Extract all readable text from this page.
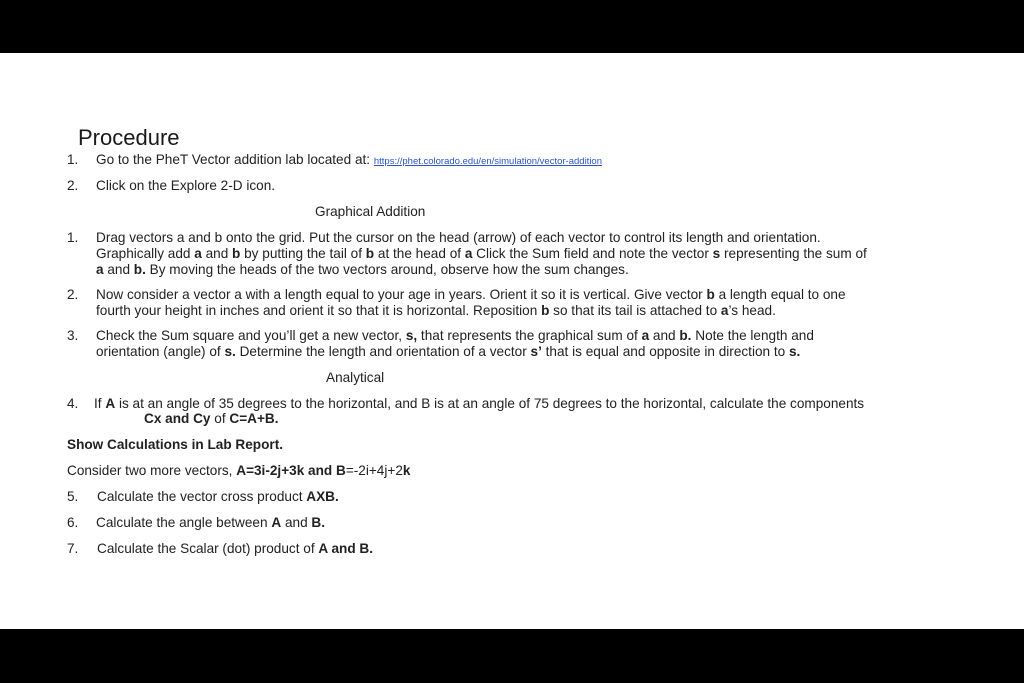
Procedure
1. Go to the PheT Vector addition lab located at: https://phet.colorado.edu/en/simulation/vector-addition
2. Click on the Explore 2-D icon.
Graphical Addition
1. Drag vectors a and b onto the grid. Put the cursor on the head (arrow) of each vector to control its length and orientation.
Graphically add a and b by putting the tail of b at the head of a Click the Sum field and note the vector s representing the sum of
a and b. By moving the heads of the two vectors around, observe how the sum changes.
2. Now consider a vector a with a length equal to your age in years. Orient it so it is vertical. Give vector b a length equal to one
fourth your height in inches and orient it so that it is horizontal. Reposition b so that its tail is attached to a’s head.
3. Check the Sum square and you’ll get a new vector, s, that represents the graphical sum of a and b. Note the length and
orientation (angle) of s. Determine the length and orientation of a vector s’ that is equal and opposite in direction to s.
Analytical
4. If A is at an angle of 35 degrees to the horizontal, and B is at an angle of 75 degrees to the horizontal, calculate the components
Cx and Cy of C=A+B.
Show Calculations in Lab Report.
Consider two more vectors, A=3i-2j+3k and B=-2i+4j+2k
5. Calculate the vector cross product AXB.
6. Calculate the angle between A and B.
7. Calculate the Scalar (dot) product of A and B.
